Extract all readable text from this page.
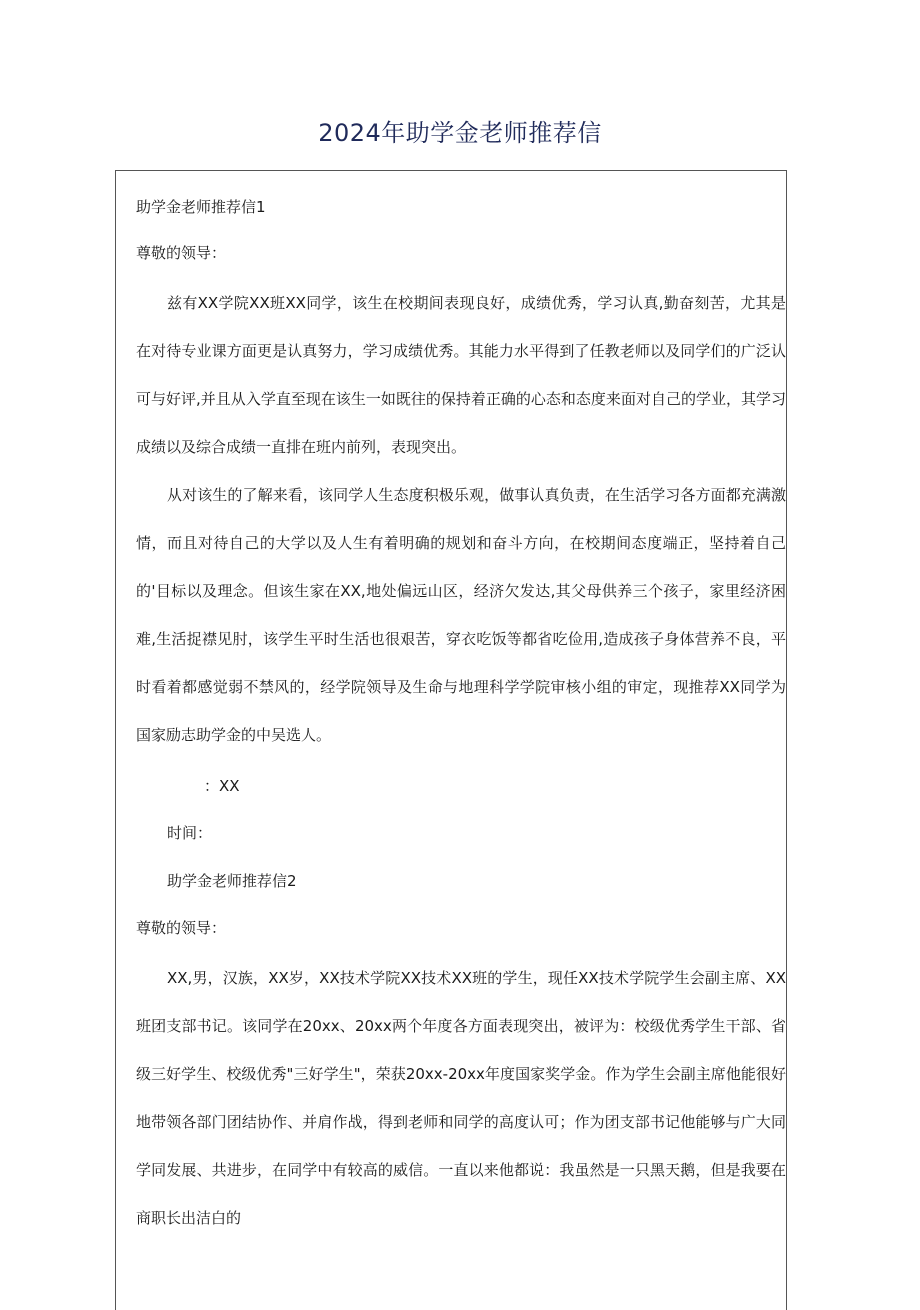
2024年助学金老师推荐信
助学金老师推荐信1
尊敬的领导：
兹有XX学院XX班XX同学，该生在校期间表现良好，成绩优秀，学习认真,勤奋刻苦，尤其是在对待专业课方面更是认真努力，学习成绩优秀。其能力水平得到了任教老师以及同学们的广泛认可与好评,并且从入学直至现在该生一如既往的保持着正确的心态和态度来面对自己的学业，其学习成绩以及综合成绩一直排在班内前列，表现突出。
从对该生的了解来看，该同学人生态度积极乐观，做事认真负责，在生活学习各方面都充满激情，而且对待自己的大学以及人生有着明确的规划和奋斗方向，在校期间态度端正，坚持着自己的'目标以及理念。但该生家在XX,地处偏远山区，经济欠发达,其父母供养三个孩子，家里经济困难,生活捉襟见肘，该学生平时生活也很艰苦，穿衣吃饭等都省吃俭用,造成孩子身体营养不良，平时看着都感觉弱不禁风的，经学院领导及生命与地理科学学院审核小组的审定，现推荐XX同学为国家励志助学金的中吴选人。
：XX
时间：
助学金老师推荐信2
尊敬的领导：
XX,男，汉族，XX岁，XX技术学院XX技术XX班的学生，现任XX技术学院学生会副主席、XX班团支部书记。该同学在20xx、20xx两个年度各方面表现突出，被评为：校级优秀学生干部、省级三好学生、校级优秀"三好学生"，荣获20xx-20xx年度国家奖学金。作为学生会副主席他能很好地带领各部门团结协作、并肩作战，得到老师和同学的高度认可；作为团支部书记他能够与广大同学同发展、共进步，在同学中有较高的威信。一直以来他都说：我虽然是一只黑天鹅，但是我要在商职长出洁白的
